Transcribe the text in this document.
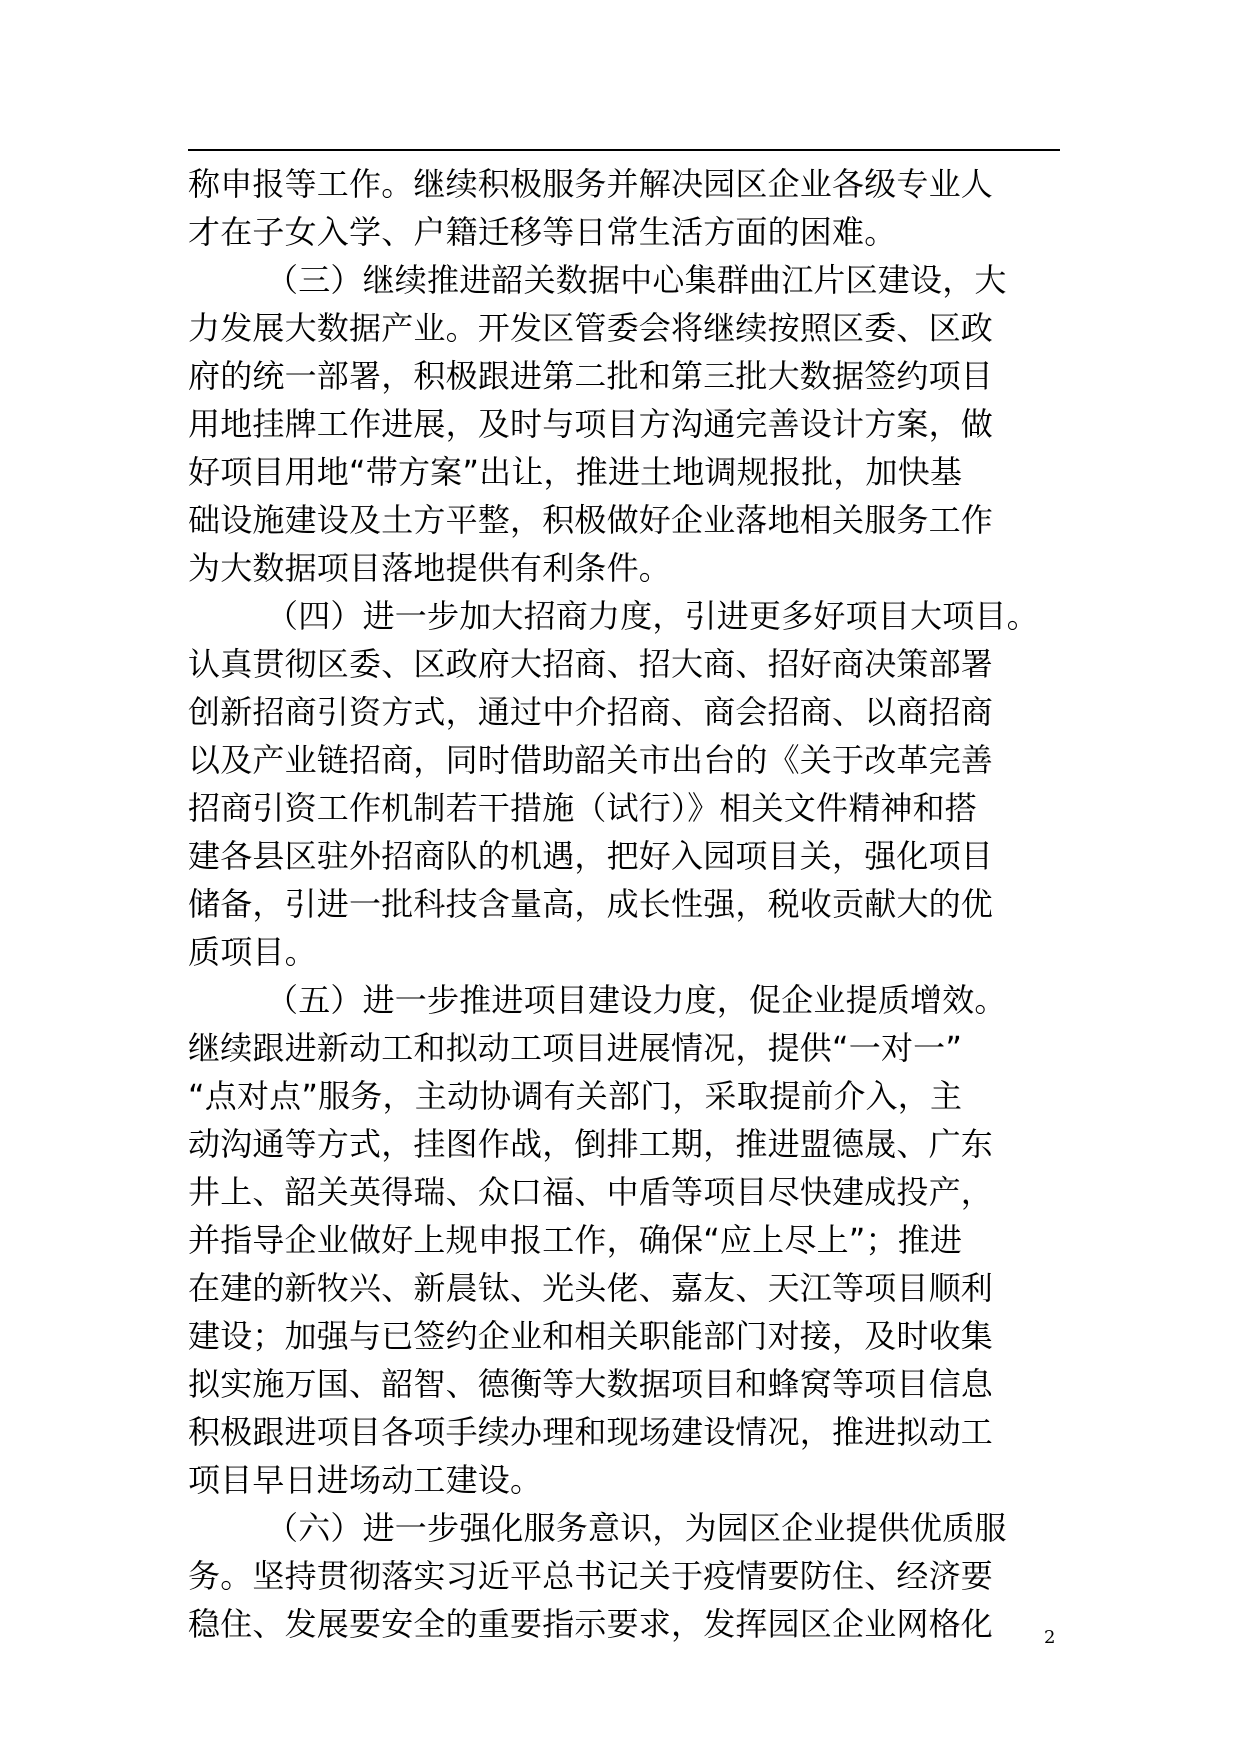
称申报等工作。继续积极服务并解决园区企业各级专业人
才在子女入学、户籍迁移等日常生活方面的困难。

（三）继续推进韶关数据中心集群曲江片区建设，大
力发展大数据产业。开发区管委会将继续按照区委、区政
府的统一部署，积极跟进第二批和第三批大数据签约项目
用地挂牌工作进展，及时与项目方沟通完善设计方案，做
好项目用地“带方案”出让，推进土地调规报批，加快基
础设施建设及土方平整，积极做好企业落地相关服务工作
为大数据项目落地提供有利条件。

（四）进一步加大招商力度，引进更多好项目大项目。
认真贯彻区委、区政府大招商、招大商、招好商决策部署
创新招商引资方式，通过中介招商、商会招商、以商招商
以及产业链招商，同时借助韶关市出台的《关于改革完善
招商引资工作机制若干措施（试行）》相关文件精神和搭
建各县区驻外招商队的机遇，把好入园项目关，强化项目
储备，引进一批科技含量高，成长性强，税收贡献大的优
质项目。

（五）进一步推进项目建设力度，促企业提质增效。
继续跟进新动工和拟动工项目进展情况，提供“一对一”
“点对点”服务，主动协调有关部门，采取提前介入，主
动沟通等方式，挂图作战，倒排工期，推进盟德晟、广东
井上、韶关英得瑞、众口福、中盾等项目尽快建成投产，
并指导企业做好上规申报工作，确保“应上尽上”；推进
在建的新牧兴、新晨钛、光头佬、嘉友、天江等项目顺利
建设；加强与已签约企业和相关职能部门对接，及时收集
拟实施万国、韶智、德衡等大数据项目和蜂窝等项目信息
积极跟进项目各项手续办理和现场建设情况，推进拟动工
项目早日进场动工建设。

（六）进一步强化服务意识，为园区企业提供优质服
务。坚持贯彻落实习近平总书记关于疫情要防住、经济要
稳住、发展要安全的重要指示要求，发挥园区企业网格化	2
